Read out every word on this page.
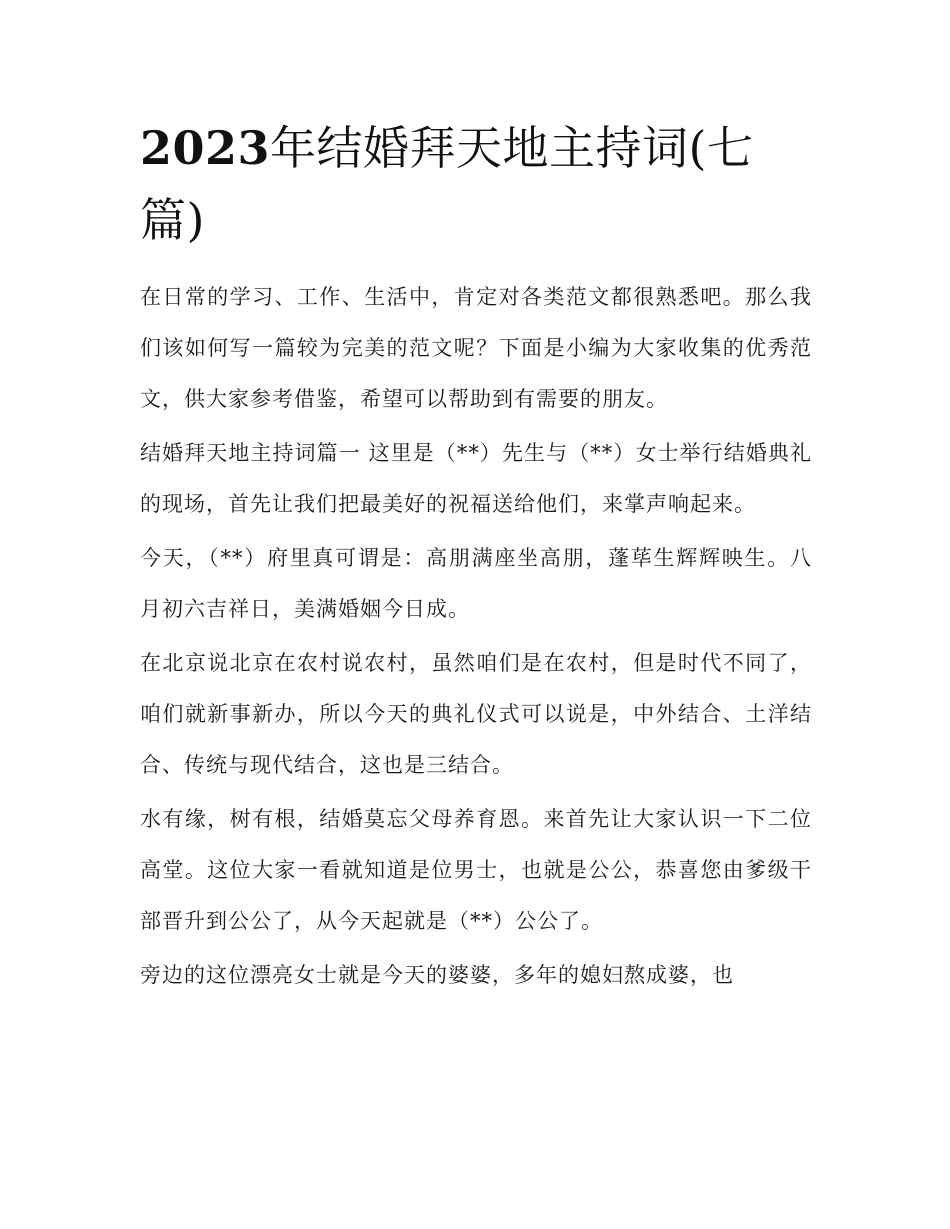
2023年结婚拜天地主持词(七篇)

在日常的学习、工作、生活中，肯定对各类范文都很熟悉吧。那么我们该如何写一篇较为完美的范文呢？下面是小编为大家收集的优秀范文，供大家参考借鉴，希望可以帮助到有需要的朋友。

结婚拜天地主持词篇一 这里是（**）先生与（**）女士举行结婚典礼的现场，首先让我们把最美好的祝福送给他们，来掌声响起来。

今天，（**）府里真可谓是：高朋满座坐高朋，蓬荜生辉辉映生。八月初六吉祥日，美满婚姻今日成。

在北京说北京在农村说农村，虽然咱们是在农村，但是时代不同了，咱们就新事新办，所以今天的典礼仪式可以说是，中外结合、土洋结合、传统与现代结合，这也是三结合。

水有缘，树有根，结婚莫忘父母养育恩。来首先让大家认识一下二位高堂。这位大家一看就知道是位男士，也就是公公，恭喜您由爹级干部晋升到公公了，从今天起就是（**）公公了。

旁边的这位漂亮女士就是今天的婆婆，多年的媳妇熬成婆，也
